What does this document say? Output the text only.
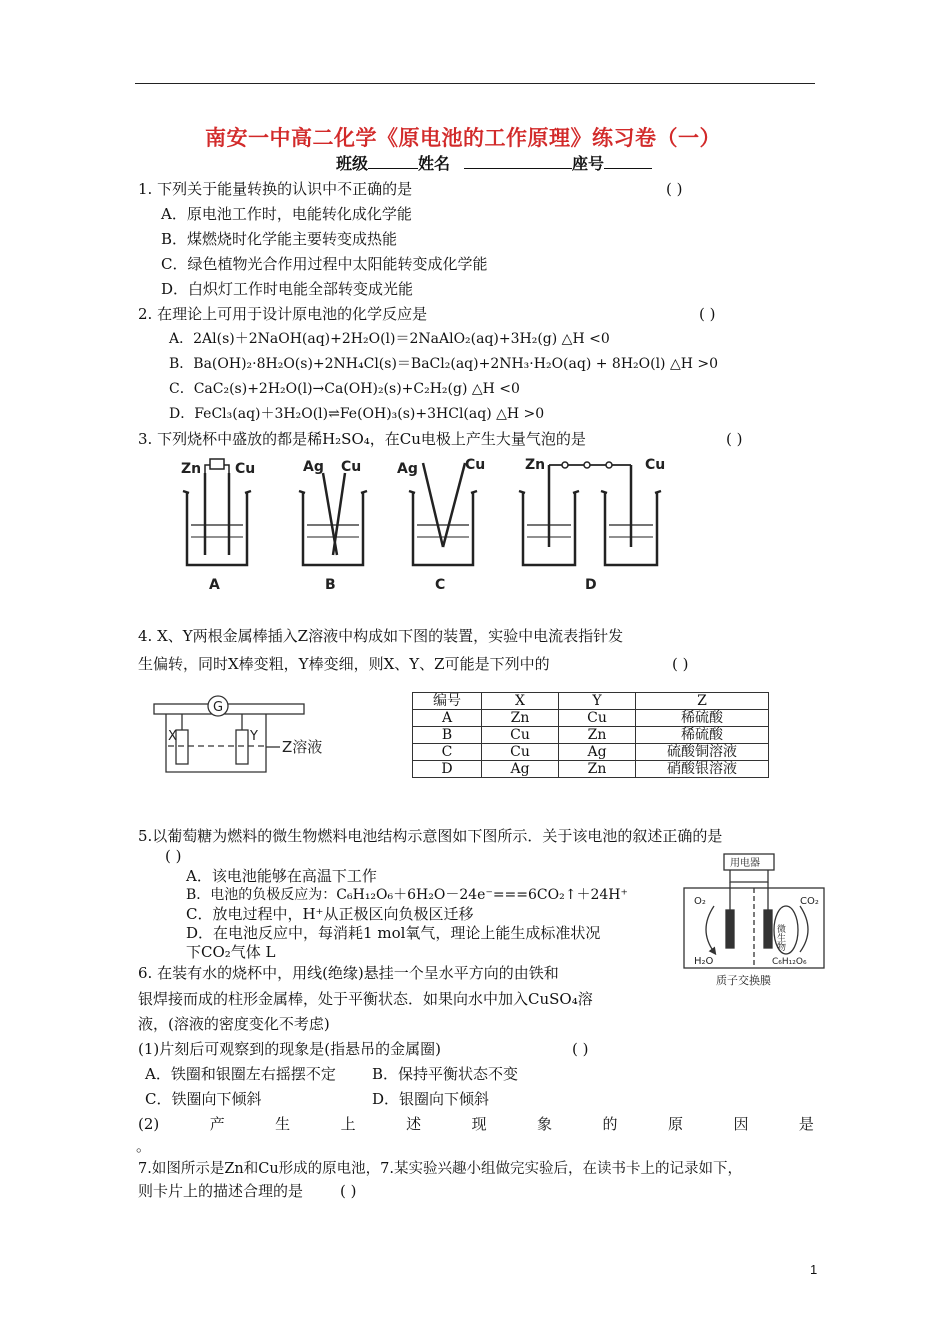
南安一中高二化学《原电池的工作原理》练习卷（一）
班级	姓名	座号
1. 下列关于能量转换的认识中不正确的是	( )
A．原电池工作时，电能转化成化学能
B．煤燃烧时化学能主要转变成热能
C．绿色植物光合作用过程中太阳能转变成化学能
D．白炽灯工作时电能全部转变成光能
2. 在理论上可用于设计原电池的化学反应是	( )
A．2Al(s)＋2NaOH(aq)+2H₂O(l)＝2NaAlO₂(aq)+3H₂(g) △H <0
B．Ba(OH)₂·8H₂O(s)+2NH₄Cl(s)＝BaCl₂(aq)+2NH₃·H₂O(aq) + 8H₂O(l) △H >0
C．CaC₂(s)+2H₂O(l)→Ca(OH)₂(s)+C₂H₂(g) △H <0
D．FeCl₃(aq)＋3H₂O(l)⇌Fe(OH)₃(s)+3HCl(aq) △H >0
3. 下列烧杯中盛放的都是稀H₂SO₄，在Cu电极上产生大量气泡的是	( )
Zn Cu	Ag Cu	Ag	Cu	Zn	Cu
A	B	C	D
4. X、Y两根金属棒插入Z溶液中构成如下图的装置，实验中电流表指针发
生偏转，同时X棒变粗，Y棒变细，则X、Y、Z可能是下列中的	( )
G
X	Y
Z溶液
编号	X	Y	Z
A	Zn	Cu	稀硫酸
B	Cu	Zn	稀硫酸
C	Cu	Ag	硫酸铜溶液
D	Ag	Zn	硝酸银溶液
5.以葡萄糖为燃料的微生物燃料电池结构示意图如下图所示．关于该电池的叙述正确的是
( )
A．该电池能够在高温下工作
B．电池的负极反应为：C₆H₁₂O₆＋6H₂O－24e⁻===6CO₂↑＋24H⁺
C．放电过程中，H⁺从正极区向负极区迁移
D．在电池反应中，每消耗1 mol氧气，理论上能生成标准状况
下CO₂气体 L
用电器
O₂
H₂O
CO₂
C₆H₁₂O₆
微生物
质子交换膜
6. 在装有水的烧杯中，用线(绝缘)悬挂一个呈水平方向的由铁和
银焊接而成的柱形金属棒，处于平衡状态．如果向水中加入CuSO₄溶
液，(溶液的密度变化不考虑)
(1)片刻后可观察到的现象是(指悬吊的金属圈)	( )
A．铁圈和银圈左右摇摆不定 B．保持平衡状态不变
C．铁圈向下倾斜	D．银圈向下倾斜
(2)	产	生	上	述	现	象	的	原	因	是
。
7.如图所示是Zn和Cu形成的原电池，7.某实验兴趣小组做完实验后，在读书卡上的记录如下，
则卡片上的描述合理的是 ( )
1
